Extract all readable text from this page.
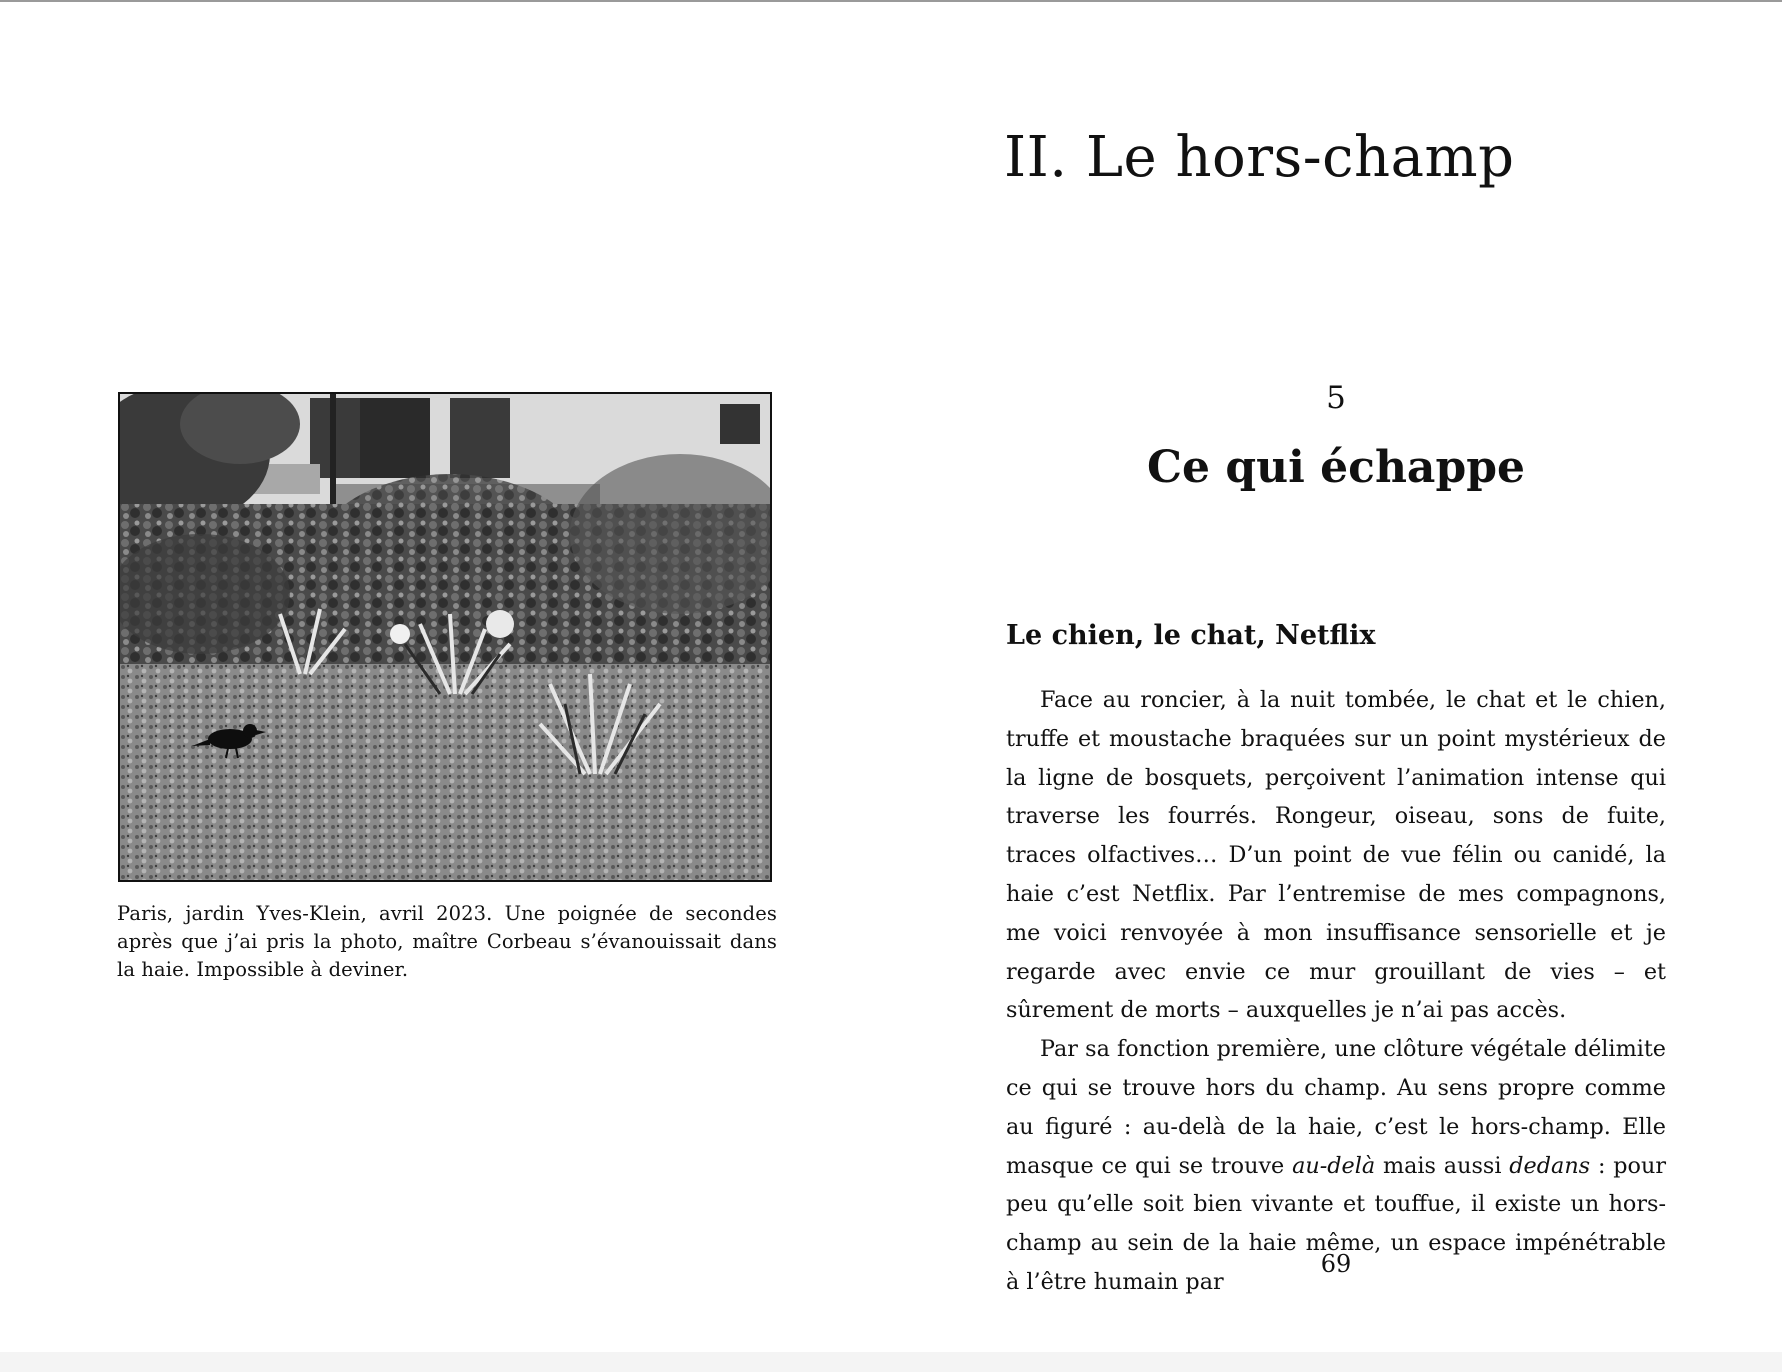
Paris, jardin Yves-Klein, avril 2023. Une poignée de secondes après que j’ai pris la photo, maître Corbeau s’évanouissait dans la haie. Impossible à deviner.
II. Le hors-champ
5
Ce qui échappe
Le chien, le chat, Netflix

Face au roncier, à la nuit tombée, le chat et le chien, truffe et moustache braquées sur un point mystérieux de la ligne de bosquets, perçoivent l’animation intense qui traverse les fourrés. Rongeur, oiseau, sons de fuite, traces olfactives… D’un point de vue félin ou canidé, la haie c’est Netflix. Par l’entremise de mes compagnons, me voici renvoyée à mon insuffisance sensorielle et je regarde avec envie ce mur grouillant de vies – et sûrement de morts – auxquelles je n’ai pas accès.

Par sa fonction première, une clôture végétale délimite ce qui se trouve hors du champ. Au sens propre comme au figuré : au-delà de la haie, c’est le hors-champ. Elle masque ce qui se trouve au-delà mais aussi dedans : pour peu qu’elle soit bien vivante et touffue, il existe un hors-champ au sein de la haie même, un espace impénétrable à l’être humain par

69
